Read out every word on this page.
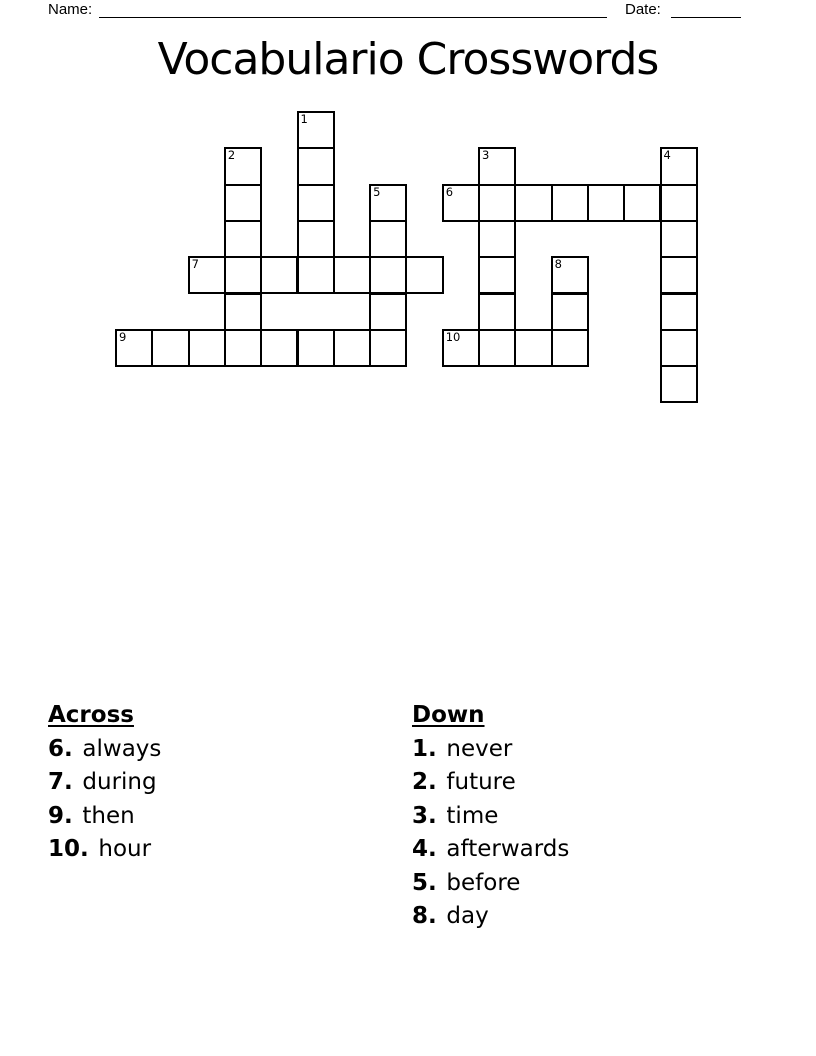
Name:	Date:
Vocabulario Crosswords
1
2	3	4
5	6
7	8
9	10
Across
6. always
7. during
9. then
10. hour
Down
1. never
2. future
3. time
4. afterwards
5. before
8. day
